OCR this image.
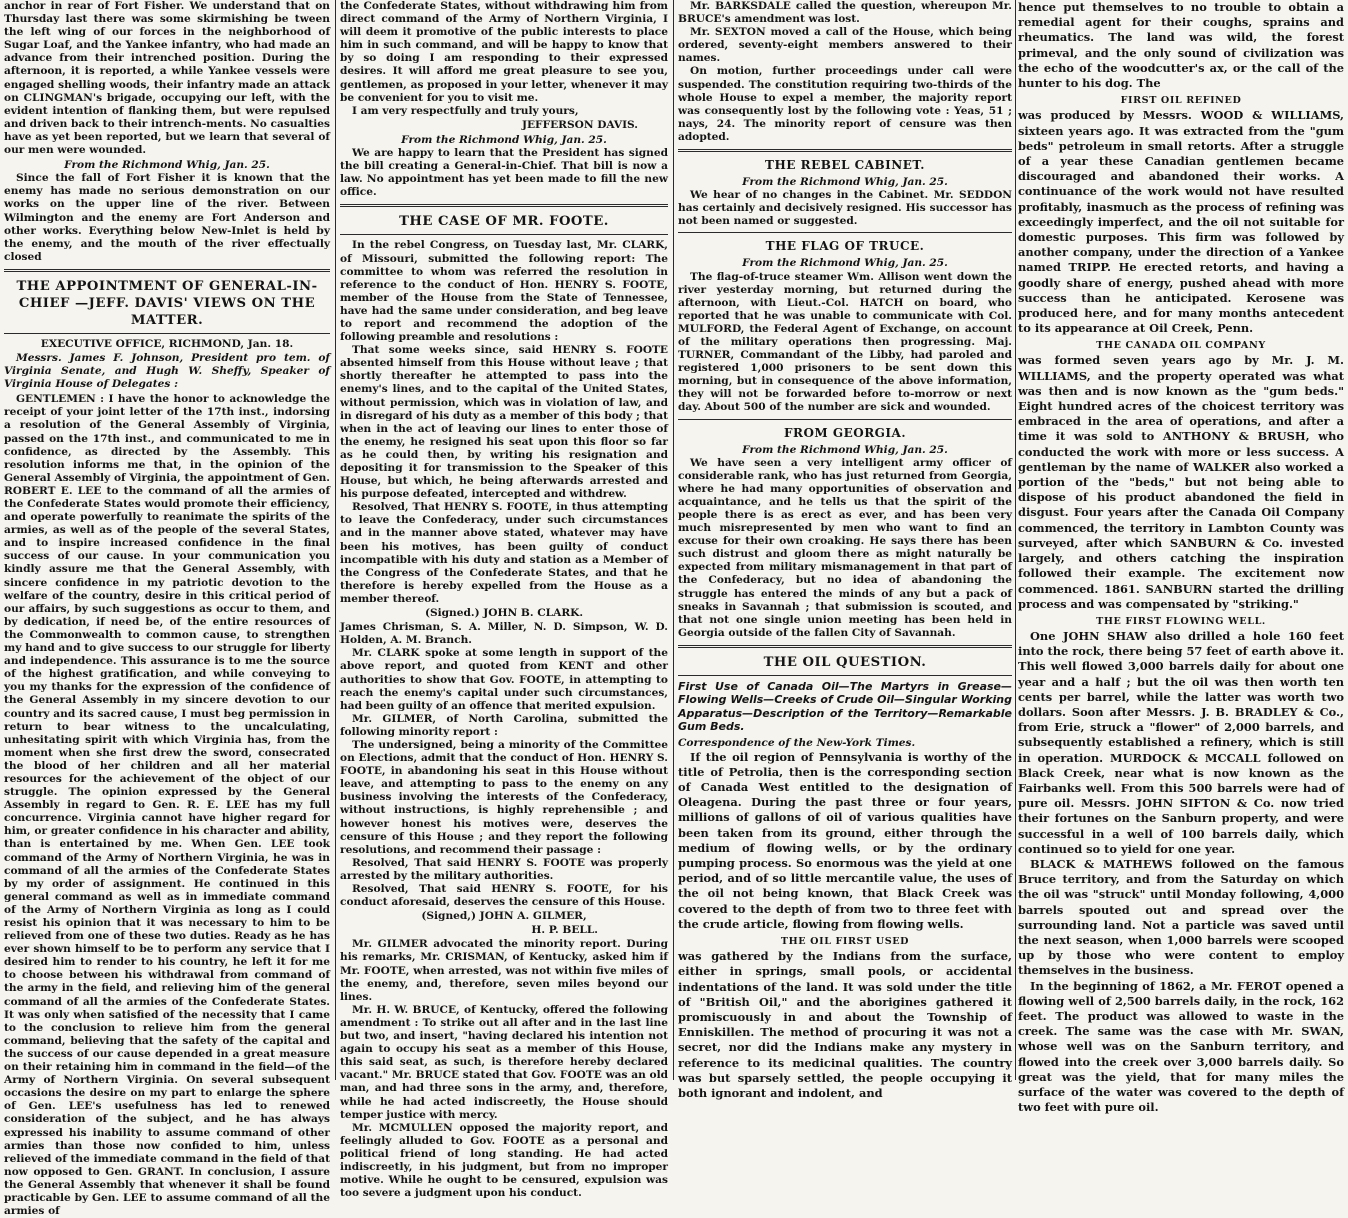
anchor in rear of Fort Fisher. We understand that on Thursday last there was some skirmishing be tween the left wing of our forces in the neighborhood of Sugar Loaf, and the Yankee infantry, who had made an advance from their intrenched position. During the afternoon, it is reported, a while Yankee vessels were engaged shelling woods, their infantry made an attack on CLINGMAN's brigade, occupying our left, with the evident intention of flanking them, but were repulsed and driven back to their intrench-ments. No casualties have as yet been reported, but we learn that several of our men were wounded.

From the Richmond Whig, Jan. 25.

Since the fall of Fort Fisher it is known that the enemy has made no serious demonstration on our works on the upper line of the river. Between Wilmington and the enemy are Fort Anderson and other works. Everything below New-Inlet is held by the enemy, and the mouth of the river effectually closed

THE APPOINTMENT OF GENERAL-IN-CHIEF —JEFF. DAVIS' VIEWS ON THE MATTER.

EXECUTIVE OFFICE, RICHMOND, Jan. 18.

Messrs. James F. Johnson, President pro tem. of Virginia Senate, and Hugh W. Sheffy, Speaker of Virginia House of Delegates :

GENTLEMEN : I have the honor to acknowledge the receipt of your joint letter of the 17th inst., indorsing a resolution of the General Assembly of Virginia, passed on the 17th inst., and communicated to me in confidence, as directed by the Assembly. This resolution informs me that, in the opinion of the General Assembly of Virginia, the appointment of Gen. ROBERT E. LEE to the command of all the armies of the Confederate States would promote their efficiency, and operate powerfully to reanimate the spirits of the armies, as well as of the people of the several States, and to inspire increased confidence in the final success of our cause. In your communication you kindly assure me that the General Assembly, with sincere confidence in my patriotic devotion to the welfare of the country, desire in this critical period of our affairs, by such suggestions as occur to them, and by dedication, if need be, of the entire resources of the Commonwealth to common cause, to strengthen my hand and to give success to our struggle for liberty and independence. This assurance is to me the source of the highest gratification, and while conveying to you my thanks for the expression of the confidence of the General Assembly in my sincere devotion to our country and its sacred cause, I must beg permission in return to bear witness to the uncalculating, unhesitating spirit with which Virginia has, from the moment when she first drew the sword, consecrated the blood of her children and all her material resources for the achievement of the object of our struggle. The opinion expressed by the General Assembly in regard to Gen. R. E. LEE has my full concurrence. Virginia cannot have higher regard for him, or greater confidence in his character and ability, than is entertained by me. When Gen. LEE took command of the Army of Northern Virginia, he was in command of all the armies of the Confederate States by my order of assignment. He continued in this general command as well as in immediate command of the Army of Northern Virginia as long as I could resist his opinion that it was necessary to him to be relieved from one of these two duties. Ready as he has ever shown himself to be to perform any service that I desired him to render to his country, he left it for me to choose between his withdrawal from command of the army in the field, and relieving him of the general command of all the armies of the Confederate States. It was only when satisfied of the necessity that I came to the conclusion to relieve him from the general command, believing that the safety of the capital and the success of our cause depended in a great measure on their retaining him in command in the field—of the Army of Northern Virginia. On several subsequent occasions the desire on my part to enlarge the sphere of Gen. LEE's usefulness has led to renewed consideration of the subject, and he has always expressed his inability to assume command of other armies than those now confided to him, unless relieved of the immediate command in the field of that now opposed to Gen. GRANT. In conclusion, I assure the General Assembly that whenever it shall be found practicable by Gen. LEE to assume command of all the armies of

the Confederate States, without withdrawing him from direct command of the Army of Northern Virginia, I will deem it promotive of the public interests to place him in such command, and will be happy to know that by so doing I am responding to their expressed desires. It will afford me great pleasure to see you, gentlemen, as proposed in your letter, whenever it may be convenient for you to visit me.

I am very respectfully and truly yours,

JEFFERSON DAVIS.

From the Richmond Whig, Jan. 25.

We are happy to learn that the President has signed the bill creating a General-in-Chief. That bill is now a law. No appointment has yet been made to fill the new office.

THE CASE OF MR. FOOTE.

In the rebel Congress, on Tuesday last, Mr. CLARK, of Missouri, submitted the following report: The committee to whom was referred the resolution in reference to the conduct of Hon. HENRY S. FOOTE, member of the House from the State of Tennessee, have had the same under consideration, and beg leave to report and recommend the adoption of the following preamble and resolutions :

That some weeks since, said HENRY S. FOOTE absented himself from this House without leave ; that shortly thereafter he attempted to pass into the enemy's lines, and to the capital of the United States, without permission, which was in violation of law, and in disregard of his duty as a member of this body ; that when in the act of leaving our lines to enter those of the enemy, he resigned his seat upon this floor so far as he could then, by writing his resignation and depositing it for transmission to the Speaker of this House, but which, he being afterwards arrested and his purpose defeated, intercepted and withdrew.

Resolved, That HENRY S. FOOTE, in thus attempting to leave the Confederacy, under such circumstances and in the manner above stated, whatever may have been his motives, has been guilty of conduct incompatible with his duty and station as a Member of the Congress of the Confederate States, and that he therefore is hereby expelled from the House as a member thereof.

(Signed.) JOHN B. CLARK.

James Chrisman, S. A. Miller, N. D. Simpson, W. D. Holden, A. M. Branch.

Mr. CLARK spoke at some length in support of the above report, and quoted from KENT and other authorities to show that Gov. FOOTE, in attempting to reach the enemy's capital under such circumstances, had been guilty of an offence that merited expulsion.

Mr. GILMER, of North Carolina, submitted the following minority report :

The undersigned, being a minority of the Committee on Elections, admit that the conduct of Hon. HENRY S. FOOTE, in abandoning his seat in this House without leave, and attempting to pass to the enemy on any business involving the interests of the Confederacy, without instructions, is highly reprehensible ; and however honest his motives were, deserves the censure of this House ; and they report the following resolutions, and recommend their passage :

Resolved, That said HENRY S. FOOTE was properly arrested by the military authorities.

Resolved, That said HENRY S. FOOTE, for his conduct aforesaid, deserves the censure of this House.

(Signed,) JOHN A. GILMER,

H. P. BELL.

Mr. GILMER advocated the minority report. During his remarks, Mr. CRISMAN, of Kentucky, asked him if Mr. FOOTE, when arrested, was not within five miles of the enemy, and, therefore, seven miles beyond our lines.

Mr. H. W. BRUCE, of Kentucky, offered the following amendment : To strike out all after and in the last line but two, and insert, "having declared his intention not again to occupy his seat as a member of this House, this said seat, as such, is therefore hereby declared vacant." Mr. BRUCE stated that Gov. FOOTE was an old man, and had three sons in the army, and, therefore, while he had acted indiscreetly, the House should temper justice with mercy.

Mr. MCMULLEN opposed the majority report, and feelingly alluded to Gov. FOOTE as a personal and political friend of long standing. He had acted indiscreetly, in his judgment, but from no improper motive. While he ought to be censured, expulsion was too severe a judgment upon his conduct.

Mr. BARKSDALE called the question, whereupon Mr. BRUCE's amendment was lost.

Mr. SEXTON moved a call of the House, which being ordered, seventy-eight members answered to their names.

On motion, further proceedings under call were suspended. The constitution requiring two-thirds of the whole House to expel a member, the majority report was consequently lost by the following vote : Yeas, 51 ; nays, 24. The minority report of censure was then adopted.

THE REBEL CABINET.

From the Richmond Whig, Jan. 25.

We hear of no changes in the Cabinet. Mr. SEDDON has certainly and decisively resigned. His successor has not been named or suggested.

THE FLAG OF TRUCE.

From the Richmond Whig, Jan. 25.

The flag-of-truce steamer Wm. Allison went down the river yesterday morning, but returned during the afternoon, with Lieut.-Col. HATCH on board, who reported that he was unable to communicate with Col. MULFORD, the Federal Agent of Exchange, on account of the military operations then progressing. Maj. TURNER, Commandant of the Libby, had paroled and registered 1,000 prisoners to be sent down this morning, but in consequence of the above information, they will not be forwarded before to-morrow or next day. About 500 of the number are sick and wounded.

FROM GEORGIA.

From the Richmond Whig, Jan. 25.

We have seen a very intelligent army officer of considerable rank, who has just returned from Georgia, where he had many opportunities of observation and acquaintance, and he tells us that the spirit of the people there is as erect as ever, and has been very much misrepresented by men who want to find an excuse for their own croaking. He says there has been such distrust and gloom there as might naturally be expected from military mismanagement in that part of the Confederacy, but no idea of abandoning the struggle has entered the minds of any but a pack of sneaks in Savannah ; that submission is scouted, and that not one single union meeting has been held in Georgia outside of the fallen City of Savannah.

THE OIL QUESTION.

First Use of Canada Oil—The Martyrs in Grease—Flowing Wells—Creeks of Crude Oil—Singular Working Apparatus—Description of the Territory—Remarkable Gum Beds.

Correspondence of the New-York Times.

If the oil region of Pennsylvania is worthy of the title of Petrolia, then is the corresponding section of Canada West entitled to the designation of Oleagena. During the past three or four years, millions of gallons of oil of various qualities have been taken from its ground, either through the medium of flowing wells, or by the ordinary pumping process. So enormous was the yield at one period, and of so little mercantile value, the uses of the oil not being known, that Black Creek was covered to the depth of from two to three feet with the crude article, flowing from flowing wells.

THE OIL FIRST USED

was gathered by the Indians from the surface, either in springs, small pools, or accidental indentations of the land. It was sold under the title of "British Oil," and the aborigines gathered it promiscuously in and about the Township of Enniskillen. The method of procuring it was not a secret, nor did the Indians make any mystery in reference to its medicinal qualities. The country was but sparsely settled, the people occupying it both ignorant and indolent, and

hence put themselves to no trouble to obtain a remedial agent for their coughs, sprains and rheumatics. The land was wild, the forest primeval, and the only sound of civilization was the echo of the woodcutter's ax, or the call of the hunter to his dog. The

FIRST OIL REFINED

was produced by Messrs. WOOD & WILLIAMS, sixteen years ago. It was extracted from the "gum beds" petroleum in small retorts. After a struggle of a year these Canadian gentlemen became discouraged and abandoned their works. A continuance of the work would not have resulted profitably, inasmuch as the process of refining was exceedingly imperfect, and the oil not suitable for domestic purposes. This firm was followed by another company, under the direction of a Yankee named TRIPP. He erected retorts, and having a goodly share of energy, pushed ahead with more success than he anticipated. Kerosene was produced here, and for many months antecedent to its appearance at Oil Creek, Penn.

THE CANADA OIL COMPANY

was formed seven years ago by Mr. J. M. WILLIAMS, and the property operated was what was then and is now known as the "gum beds." Eight hundred acres of the choicest territory was embraced in the area of operations, and after a time it was sold to ANTHONY & BRUSH, who conducted the work with more or less success. A gentleman by the name of WALKER also worked a portion of the "beds," but not being able to dispose of his product abandoned the field in disgust. Four years after the Canada Oil Company commenced, the territory in Lambton County was surveyed, after which SANBURN & Co. invested largely, and others catching the inspiration followed their example. The excitement now commenced. 1861. SANBURN started the drilling process and was compensated by "striking."

THE FIRST FLOWING WELL.

One JOHN SHAW also drilled a hole 160 feet into the rock, there being 57 feet of earth above it. This well flowed 3,000 barrels daily for about one year and a half ; but the oil was then worth ten cents per barrel, while the latter was worth two dollars. Soon after Messrs. J. B. BRADLEY & Co., from Erie, struck a "flower" of 2,000 barrels, and subsequently established a refinery, which is still in operation. MURDOCK & MCCALL followed on Black Creek, near what is now known as the Fairbanks well. From this 500 barrels were had of pure oil. Messrs. JOHN SIFTON & Co. now tried their fortunes on the Sanburn property, and were successful in a well of 100 barrels daily, which continued so to yield for one year.

BLACK & MATHEWS followed on the famous Bruce territory, and from the Saturday on which the oil was "struck" until Monday following, 4,000 barrels spouted out and spread over the surrounding land. Not a particle was saved until the next season, when 1,000 barrels were scooped up by those who were content to employ themselves in the business.

In the beginning of 1862, a Mr. FEROT opened a flowing well of 2,500 barrels daily, in the rock, 162 feet. The product was allowed to waste in the creek. The same was the case with Mr. SWAN, whose well was on the Sanburn territory, and flowed into the creek over 3,000 barrels daily. So great was the yield, that for many miles the surface of the water was covered to the depth of two feet with pure oil.
